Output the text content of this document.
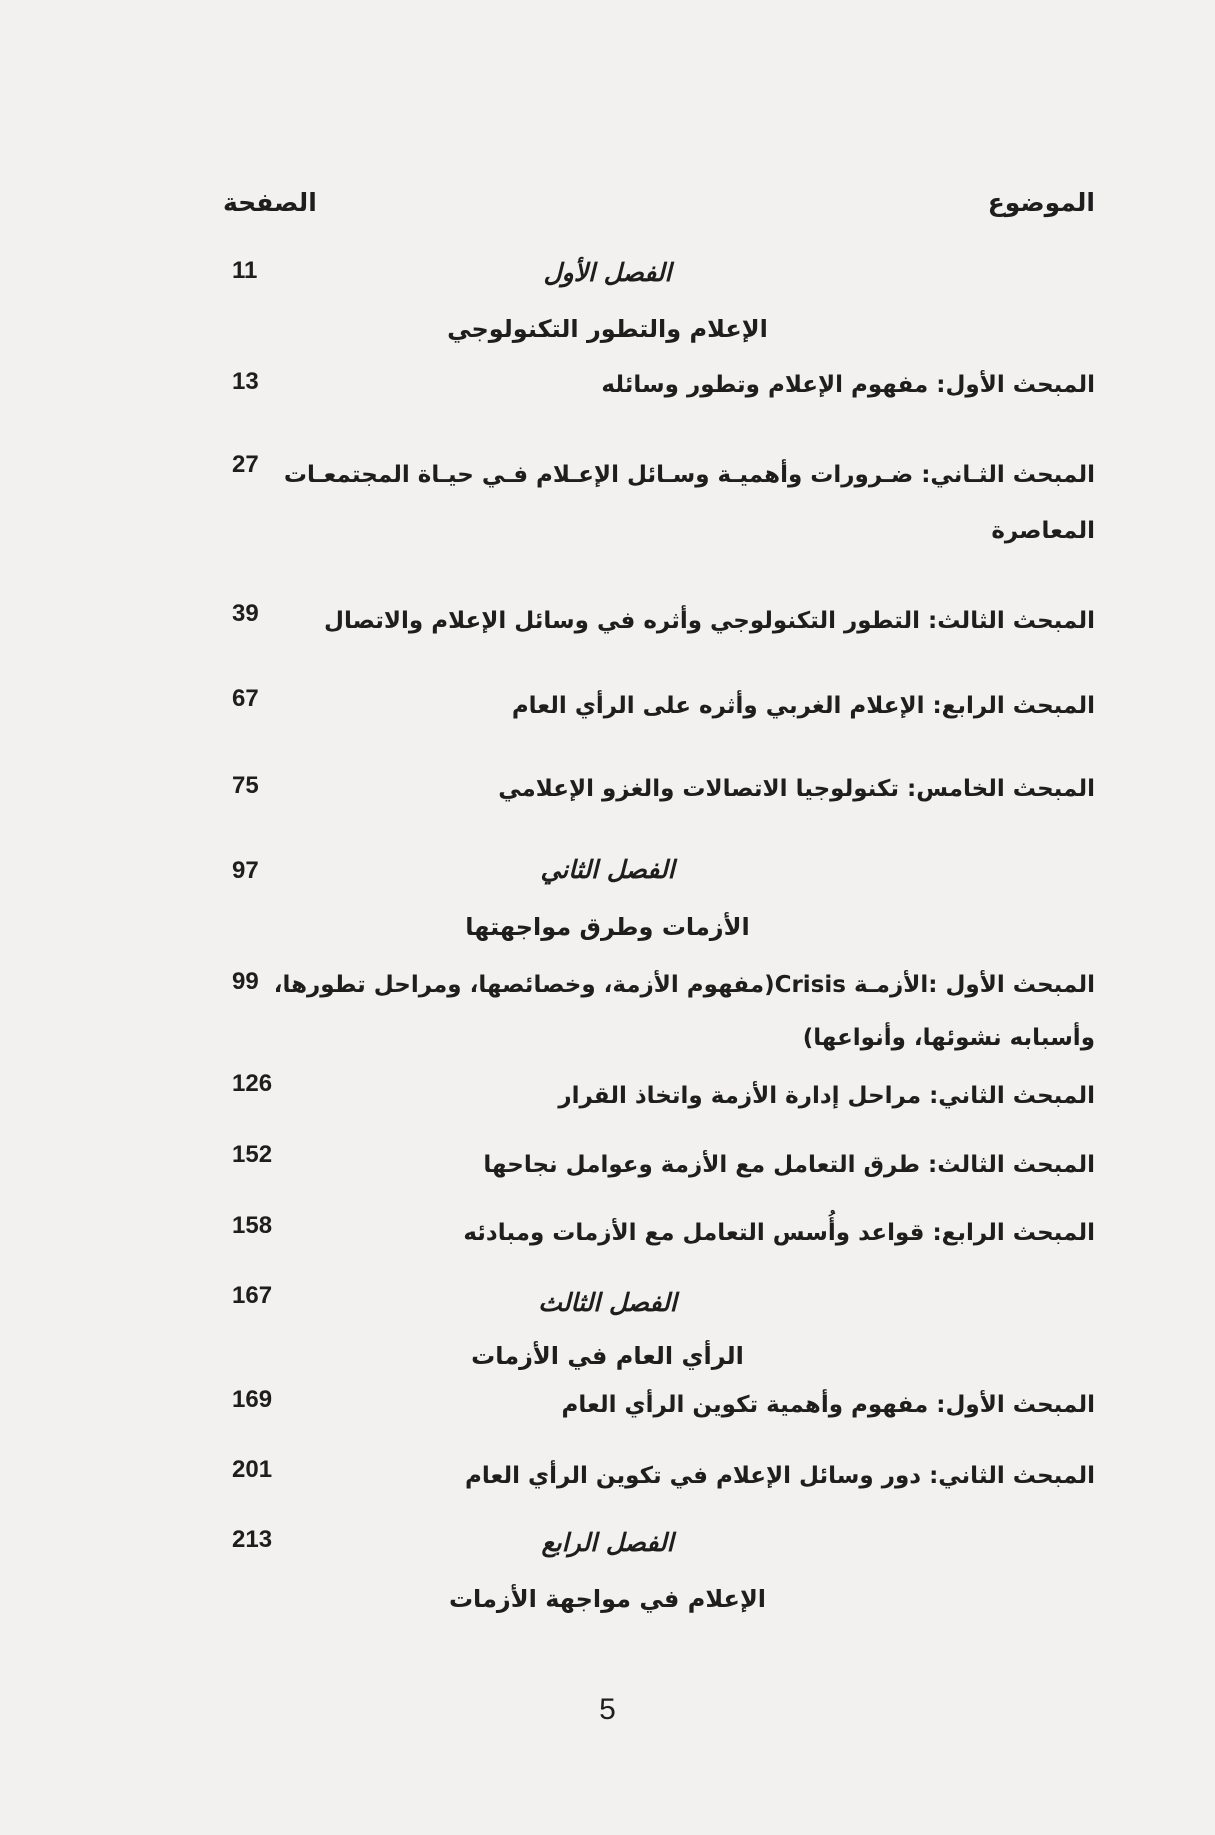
الموضوع
الصفحة
الفصل الأول
11
الإعلام والتطور التكنولوجي
المبحث الأول: مفهوم الإعلام وتطور وسائله
13
المبحث الثـاني: ضـرورات وأهميـة وسـائل الإعـلام فـي حيـاة المجتمعـات
27
المعاصرة
المبحث الثالث: التطور التكنولوجي وأثره في وسائل الإعلام والاتصال
39
المبحث الرابع: الإعلام الغربي وأثره على الرأي العام
67
المبحث الخامس: تكنولوجيا الاتصالات والغزو الإعلامي
75
الفصل الثاني
97
الأزمات وطرق مواجهتها
المبحث الأول :الأزمـة Crisis(مفهوم الأزمة، وخصائصها، ومراحل تطورها،
99
وأسبابه نشوئها، وأنواعها)
المبحث الثاني: مراحل إدارة الأزمة واتخاذ القرار
126
المبحث الثالث: طرق التعامل مع الأزمة وعوامل نجاحها
152
المبحث الرابع: قواعد وأُسس التعامل مع الأزمات ومبادئه
158
الفصل الثالث
167
الرأي العام في الأزمات
المبحث الأول: مفهوم وأهمية تكوين الرأي العام
169
المبحث الثاني: دور وسائل الإعلام في تكوين الرأي العام
201
الفصل الرابع
213
الإعلام في مواجهة الأزمات
5
